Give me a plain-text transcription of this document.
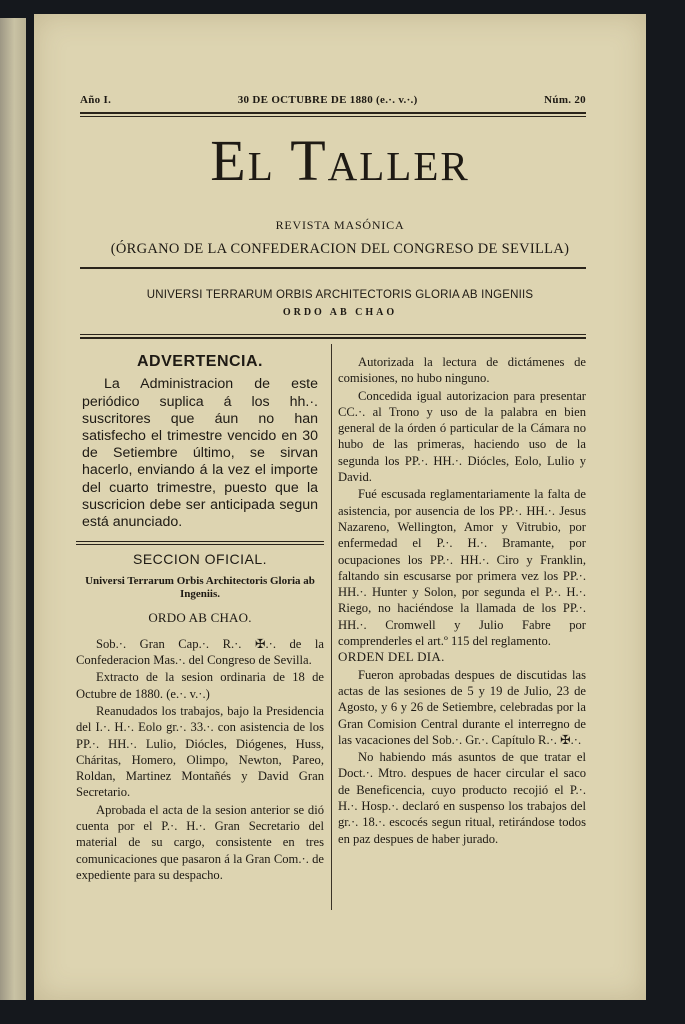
Año I.	30 DE OCTUBRE DE 1880 (e.·. v.·.)	Núm. 20
El Taller
REVISTA MASÓNICA
(ÓRGANO DE LA CONFEDERACION DEL CONGRESO DE SEVILLA)
UNIVERSI TERRARUM ORBIS ARCHITECTORIS GLORIA AB INGENIIS
ORDO AB CHAO
ADVERTENCIA.
La Administracion de este periódico suplica á los hh.·. suscritores que áun no han satisfecho el trimestre vencido en 30 de Setiembre último, se sirvan hacerlo, enviando á la vez el importe del cuarto trimestre, puesto que la suscricion debe ser anticipada segun está anunciado.
SECCION OFICIAL.
Universi Terrarum Orbis Architectoris Gloria ab Ingeniis.
ORDO AB CHAO.

Sob.·. Gran Cap.·. R.·. ✠.·. de la Confederacion Mas.·. del Congreso de Sevilla.

Extracto de la sesion ordinaria de 18 de Octubre de 1880. (e.·. v.·.)

Reanudados los trabajos, bajo la Presidencia del I.·. H.·. Eolo gr.·. 33.·. con asistencia de los PP.·. HH.·. Lulio, Diócles, Diógenes, Huss, Cháritas, Homero, Olimpo, Newton, Pareo, Roldan, Martinez Montañés y David Gran Secretario.

Aprobada el acta de la sesion anterior se dió cuenta por el P.·. H.·. Gran Secretario del material de su cargo, consistente en tres comunicaciones que pasaron á la Gran Com.·. de expediente para su despacho.

Autorizada la lectura de dictámenes de comisiones, no hubo ninguno.

Concedida igual autorizacion para presentar CC.·. al Trono y uso de la palabra en bien general de la órden ó particular de la Cámara no hubo de las primeras, haciendo uso de la segunda los PP.·. HH.·. Diócles, Eolo, Lulio y David.

Fué escusada reglamentariamente la falta de asistencia, por ausencia de los PP.·. HH.·. Jesus Nazareno, Wellington, Amor y Vitrubio, por enfermedad el P.·. H.·. Bramante, por ocupaciones los PP.·. HH.·. Ciro y Franklin, faltando sin escusarse por primera vez los PP.·. HH.·. Hunter y Solon, por segunda el P.·. H.·. Riego, no haciéndose la llamada de los PP.·. HH.·. Cromwell y Julio Fabre por comprenderles el art.º 115 del reglamento.

ORDEN DEL DIA.

Fueron aprobadas despues de discutidas las actas de las sesiones de 5 y 19 de Julio, 23 de Agosto, y 6 y 26 de Setiembre, celebradas por la Gran Comision Central durante el interregno de las vacaciones del Sob.·. Gr.·. Capítulo R.·. ✠.·.

No habiendo más asuntos de que tratar el Doct.·. Mtro. despues de hacer circular el saco de Beneficencia, cuyo producto recojió el P.·. H.·. Hosp.·. declaró en suspenso los trabajos del gr.·. 18.·. escocés segun ritual, retirándose todos en paz despues de haber jurado.
